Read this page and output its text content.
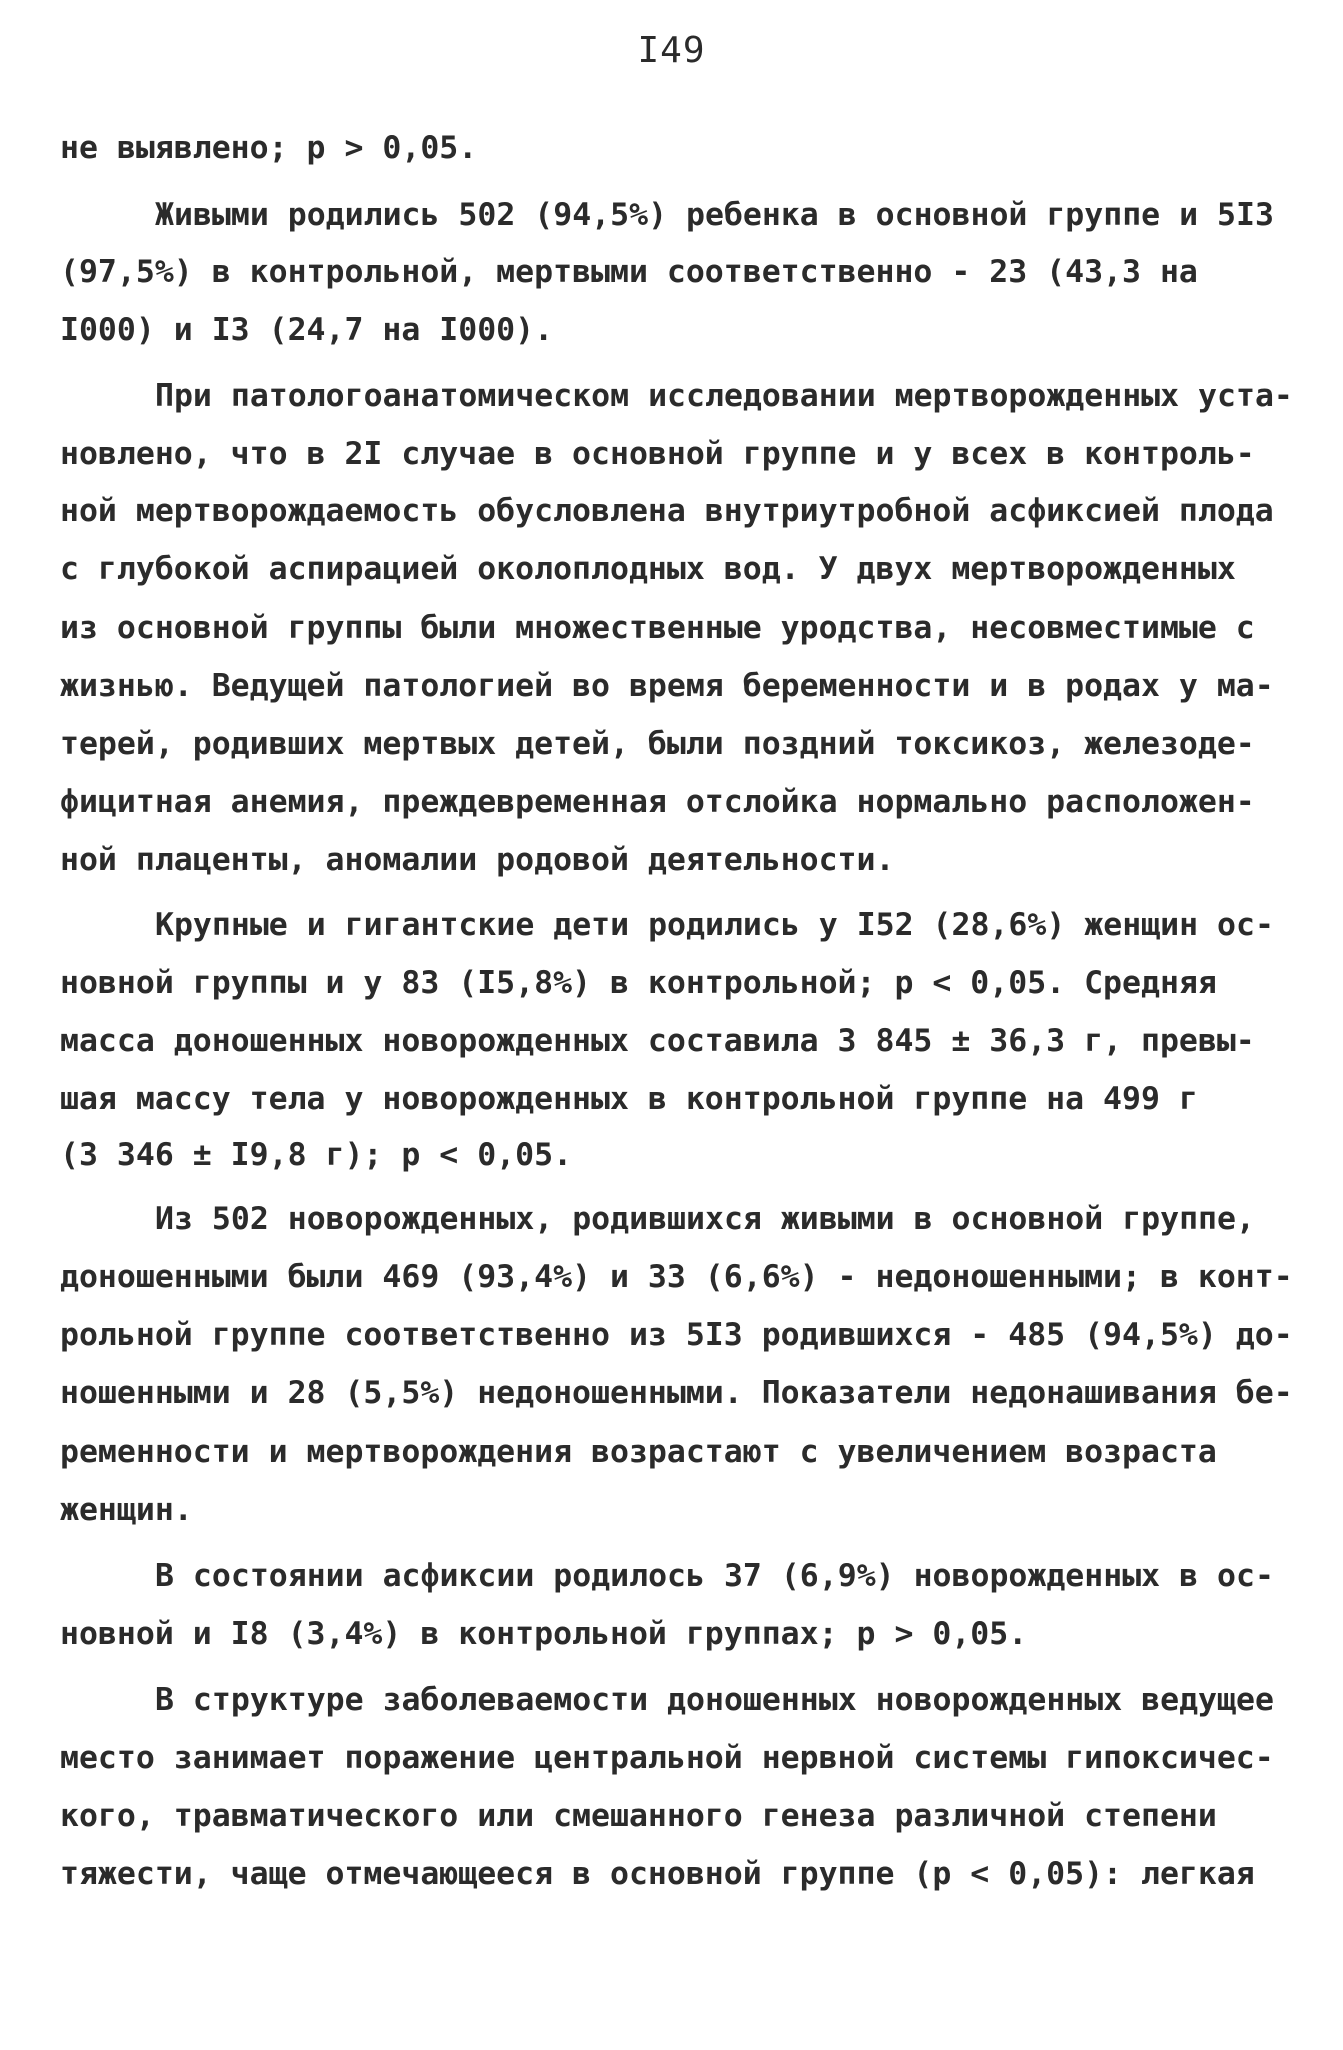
I49
не выявлено; р > 0,05.
Живыми родились 502 (94,5%) ребенка в основной группе и 5I3
(97,5%) в контрольной, мертвыми соответственно - 23 (43,3 на
I000) и I3 (24,7 на I000).
При патологоанатомическом исследовании мертворожденных уста-
новлено, что в 2I случае в основной группе и у всех в контроль-
ной мертворождаемость обусловлена внутриутробной асфиксией плода
с глубокой аспирацией околоплодных вод. У двух мертворожденных
из основной группы были множественные уродства, несовместимые с
жизнью. Ведущей патологией во время беременности и в родах у ма-
терей, родивших мертвых детей, были поздний токсикоз, железоде-
фицитная анемия, преждевременная отслойка нормально расположен-
ной плаценты, аномалии родовой деятельности.
Крупные и гигантские дети родились у I52 (28,6%) женщин ос-
новной группы и у 83 (I5,8%) в контрольной; р < 0,05. Средняя
масса доношенных новорожденных составила 3 845 ± 36,3 г, превы-
шая массу тела у новорожденных в контрольной группе на 499 г
(3 346 ± I9,8 г); р < 0,05.
Из 502 новорожденных, родившихся живыми в основной группе,
доношенными были 469 (93,4%) и 33 (6,6%) - недоношенными; в конт-
рольной группе соответственно из 5I3 родившихся - 485 (94,5%) до-
ношенными и 28 (5,5%) недоношенными. Показатели недонашивания бе-
ременности и мертворождения возрастают с увеличением возраста
женщин.
В состоянии асфиксии родилось 37 (6,9%) новорожденных в ос-
новной и I8 (3,4%) в контрольной группах; р > 0,05.
В структуре заболеваемости доношенных новорожденных ведущее
место занимает поражение центральной нервной системы гипоксичес-
кого, травматического или смешанного генеза различной степени
тяжести, чаще отмечающееся в основной группе (р < 0,05): легкая
